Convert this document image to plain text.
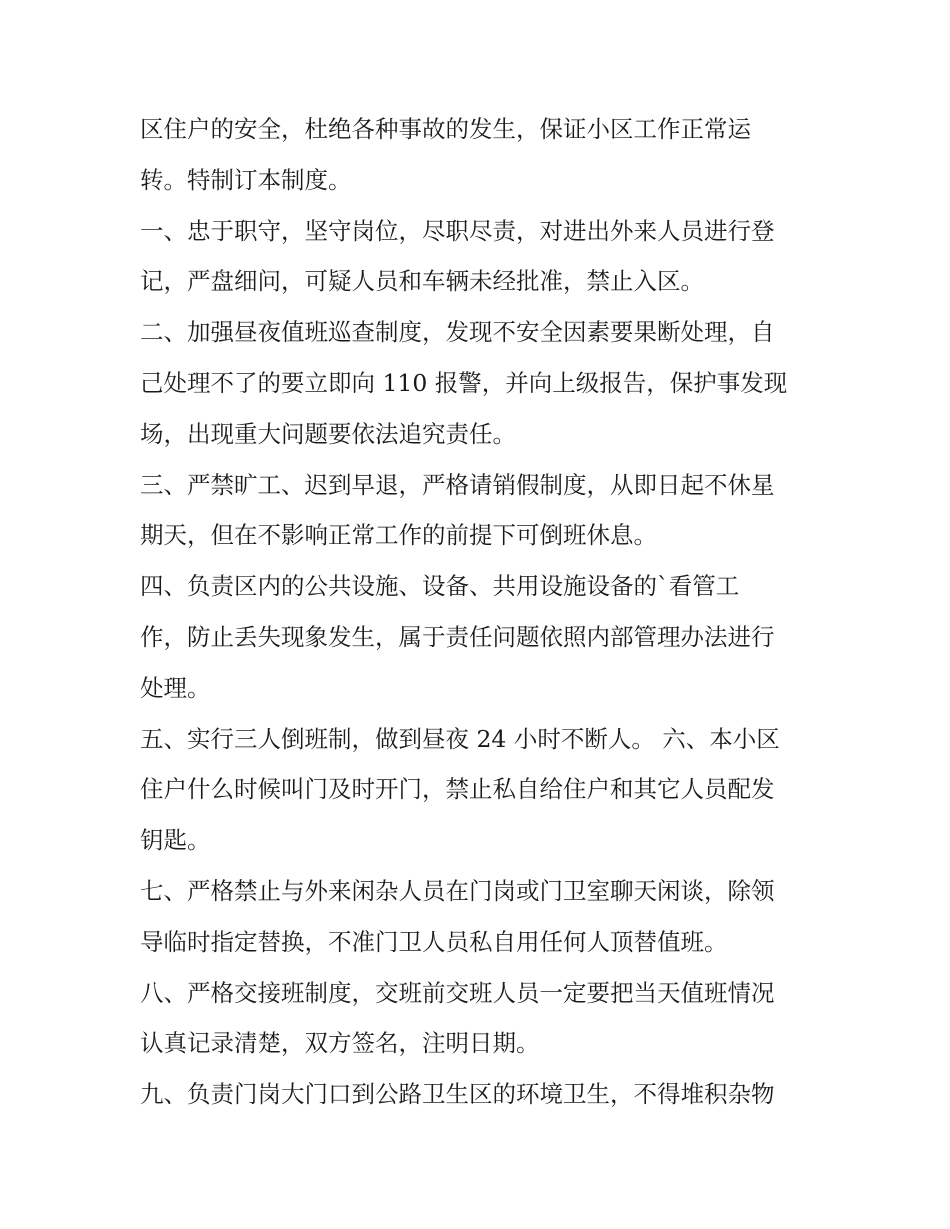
区住户的安全，杜绝各种事故的发生，保证小区工作正常运
转。特制订本制度。
一、忠于职守，坚守岗位，尽职尽责，对进出外来人员进行登
记，严盘细问，可疑人员和车辆未经批准，禁止入区。
二、加强昼夜值班巡查制度，发现不安全因素要果断处理，自
己处理不了的要立即向 110 报警，并向上级报告，保护事发现
场，出现重大问题要依法追究责任。
三、严禁旷工、迟到早退，严格请销假制度，从即日起不休星
期天，但在不影响正常工作的前提下可倒班休息。
四、负责区内的公共设施、设备、共用设施设备的`看管工
作，防止丢失现象发生，属于责任问题依照内部管理办法进行
处理。
五、实行三人倒班制，做到昼夜 24 小时不断人。 六、本小区
住户什么时候叫门及时开门，禁止私自给住户和其它人员配发
钥匙。
七、严格禁止与外来闲杂人员在门岗或门卫室聊天闲谈，除领
导临时指定替换，不准门卫人员私自用任何人顶替值班。
八、严格交接班制度，交班前交班人员一定要把当天值班情况
认真记录清楚，双方签名，注明日期。
九、负责门岗大门口到公路卫生区的环境卫生，不得堆积杂物
